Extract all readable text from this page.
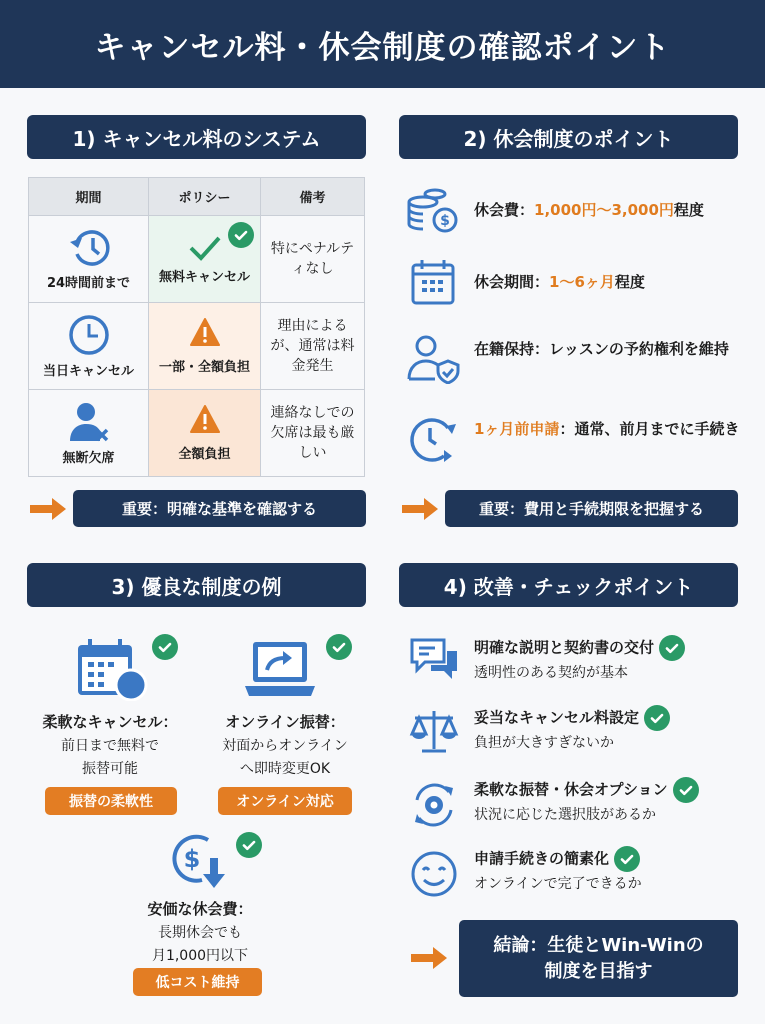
キャンセル料・休会制度の確認ポイント
1) キャンセル料のシステム
期間	ポリシー	備考

24時間前まで	無料キャンセル	特にペナルティなし

当日キャンセル	一部・全額負担	理由によるが、通常は料金発生

無断欠席	全額負担	連絡なしでの欠席は最も厳しい
重要：明確な基準を確認する
2) 休会制度のポイント
$
休会費：1,000円〜3,000円程度
休会期間：1〜6ヶ月程度
在籍保持：レッスンの予約権利を維持
1ヶ月前申請：通常、前月までに手続き
重要：費用と手続期限を把握する
3) 優良な制度の例
柔軟なキャンセル：
前日まで無料で
振替可能
振替の柔軟性
オンライン振替：
対面からオンライン
へ即時変更OK
オンライン対応
$
安価な休会費：
長期休会でも
月1,000円以下
低コスト維持
4) 改善・チェックポイント
明確な説明と契約書の交付

透明性のある契約が基本
妥当なキャンセル料設定

負担が大きすぎないか
柔軟な振替・休会オプション

状況に応じた選択肢があるか
申請手続きの簡素化

オンラインで完了できるか
結論：生徒とWin-Winの
制度を目指す
